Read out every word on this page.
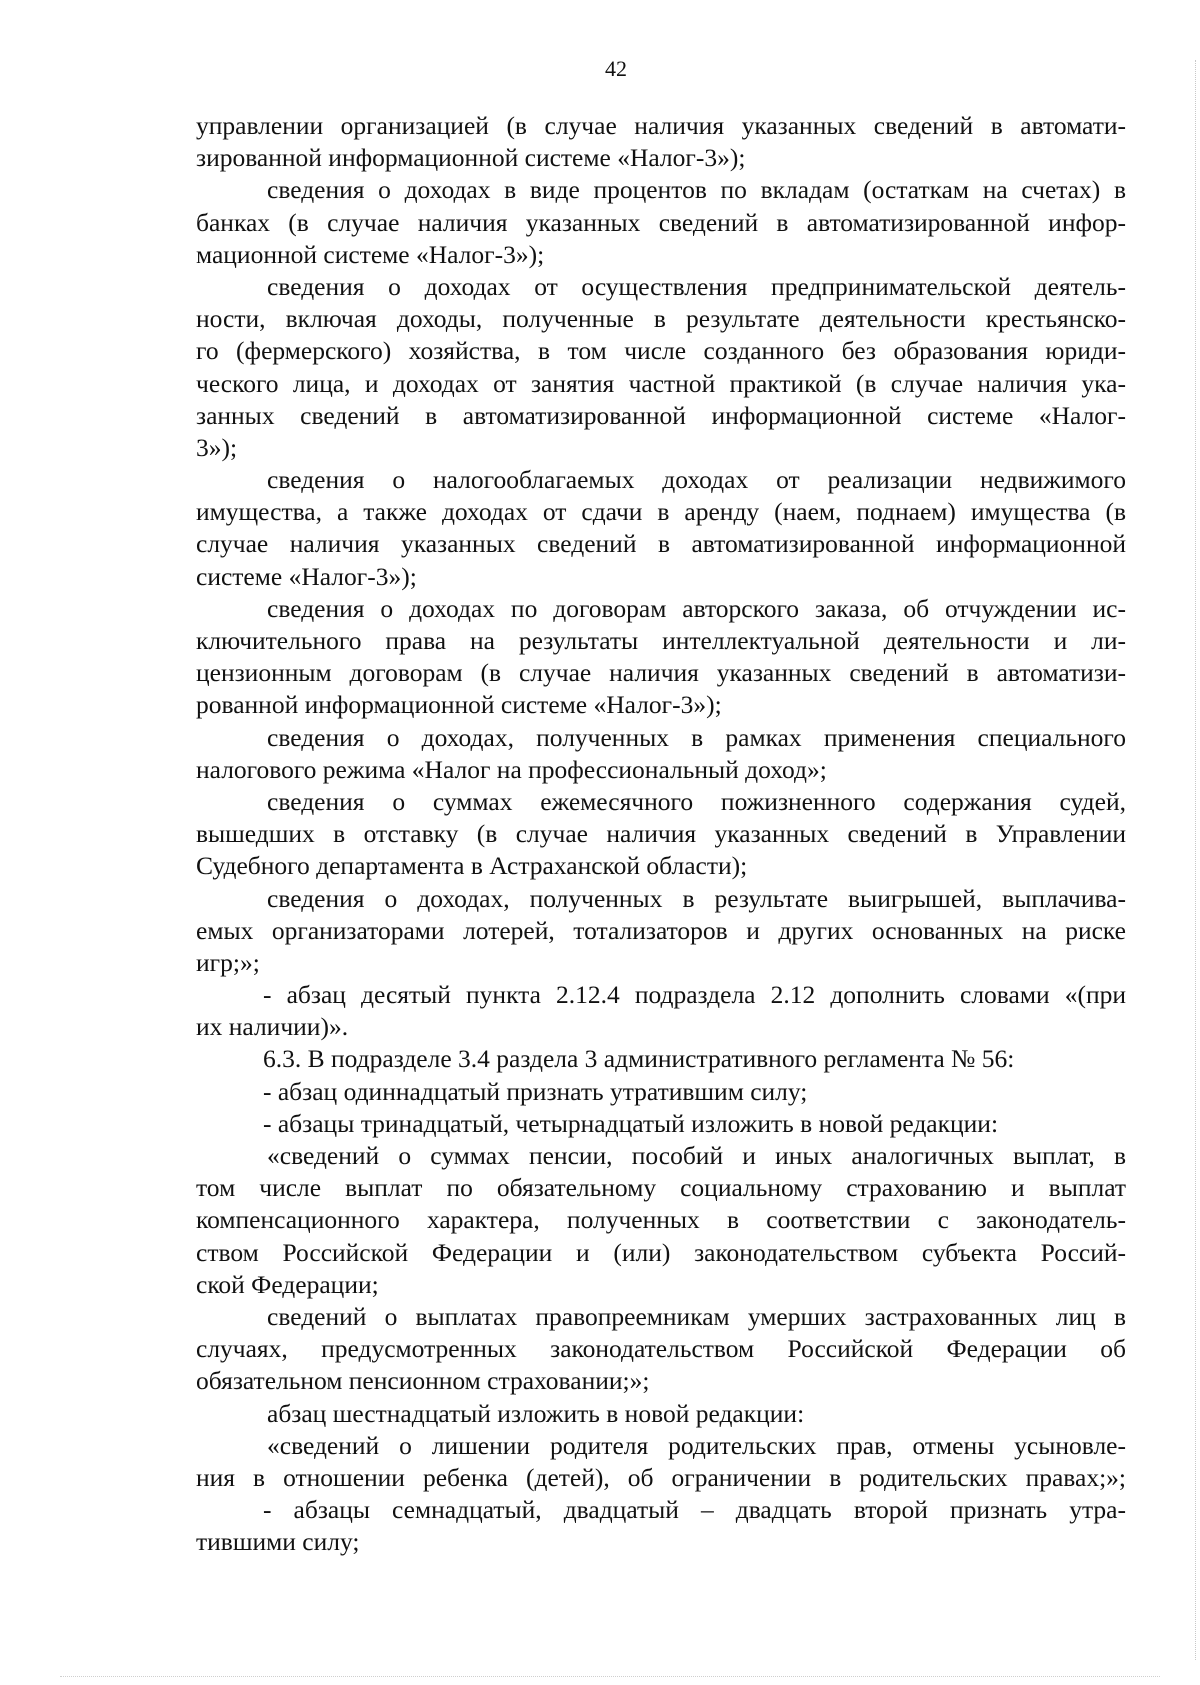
42
управлении организацией (в случае наличия указанных сведений в автомати-
зированной информационной системе «Налог-3»);
сведения о доходах в виде процентов по вкладам (остаткам на счетах) в
банках (в случае наличия указанных сведений в автоматизированной инфор-
мационной системе «Налог-3»);
сведения о доходах от осуществления предпринимательской деятель-
ности, включая доходы, полученные в результате деятельности крестьянско-
го (фермерского) хозяйства, в том числе созданного без образования юриди-
ческого лица, и доходах от занятия частной практикой (в случае наличия ука-
занных сведений в автоматизированной информационной системе «Налог-
3»);
сведения о налогооблагаемых доходах от реализации недвижимого
имущества, а также доходах от сдачи в аренду (наем, поднаем) имущества (в
случае наличия указанных сведений в автоматизированной информационной
системе «Налог-3»);
сведения о доходах по договорам авторского заказа, об отчуждении ис-
ключительного права на результаты интеллектуальной деятельности и ли-
цензионным договорам (в случае наличия указанных сведений в автоматизи-
рованной информационной системе «Налог-3»);
сведения о доходах, полученных в рамках применения специального
налогового режима «Налог на профессиональный доход»;
сведения о суммах ежемесячного пожизненного содержания судей,
вышедших в отставку (в случае наличия указанных сведений в Управлении
Судебного департамента в Астраханской области);
сведения о доходах, полученных в результате выигрышей, выплачива-
емых организаторами лотерей, тотализаторов и других основанных на риске
игр;»;
- абзац десятый пункта 2.12.4 подраздела 2.12 дополнить словами «(при
их наличии)».
6.3. В подразделе 3.4 раздела 3 административного регламента № 56:
- абзац одиннадцатый признать утратившим силу;
- абзацы тринадцатый, четырнадцатый изложить в новой редакции:
«сведений о суммах пенсии, пособий и иных аналогичных выплат, в
том числе выплат по обязательному социальному страхованию и выплат
компенсационного характера, полученных в соответствии с законодатель-
ством Российской Федерации и (или) законодательством субъекта Россий-
ской Федерации;
сведений о выплатах правопреемникам умерших застрахованных лиц в
случаях, предусмотренных законодательством Российской Федерации об
обязательном пенсионном страховании;»;
абзац шестнадцатый изложить в новой редакции:
«сведений о лишении родителя родительских прав, отмены усыновле-
ния в отношении ребенка (детей), об ограничении в родительских правах;»;
- абзацы семнадцатый, двадцатый – двадцать второй признать утра-
тившими силу;
